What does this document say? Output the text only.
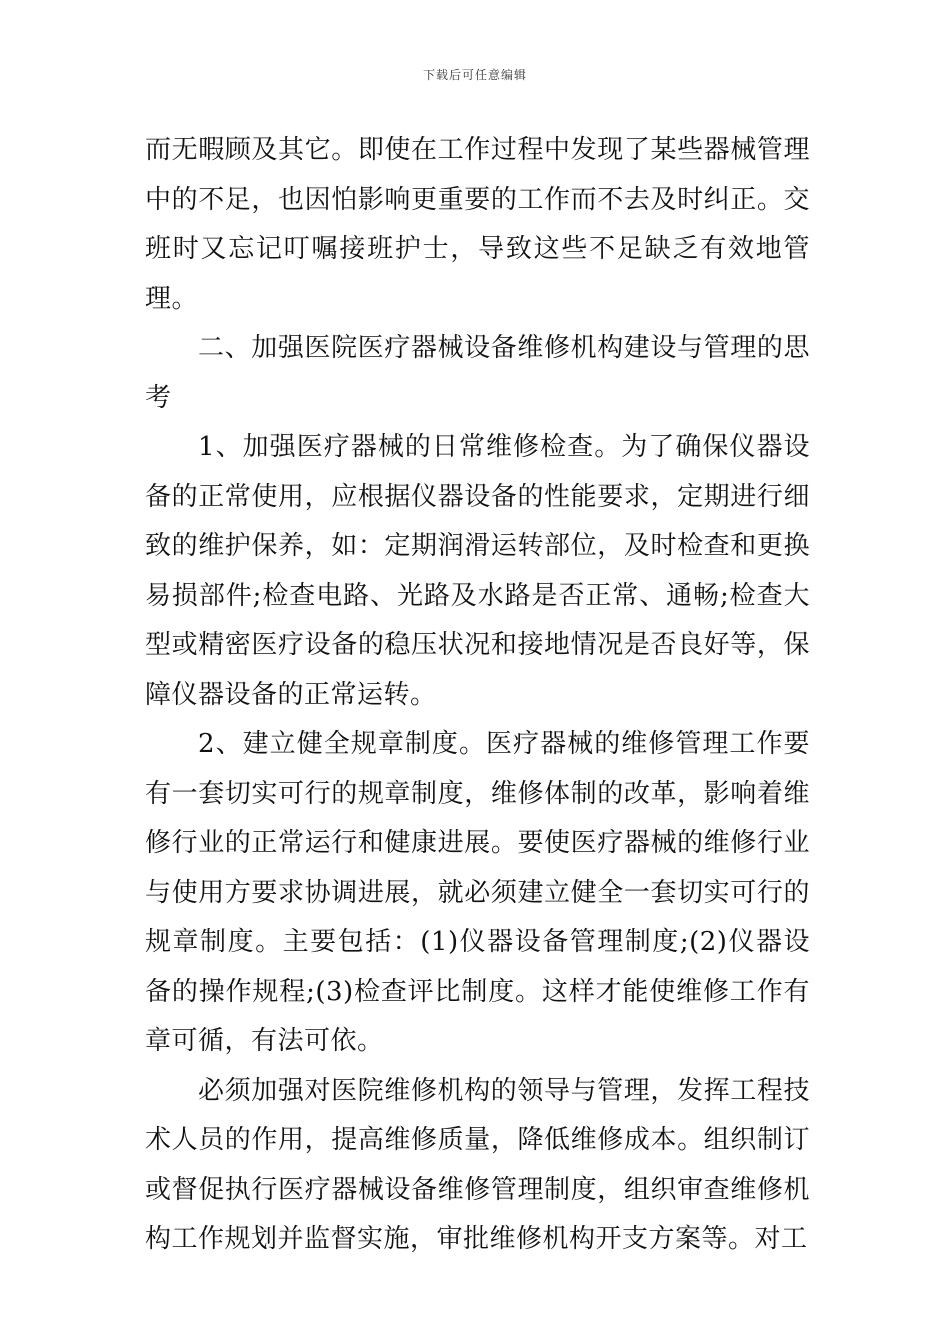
下载后可任意编辑

而无暇顾及其它。即使在工作过程中发现了某些器械管理中的不足，也因怕影响更重要的工作而不去及时纠正。交班时又忘记叮嘱接班护士，导致这些不足缺乏有效地管理。

二、加强医院医疗器械设备维修机构建设与管理的思考

1、加强医疗器械的日常维修检查。为了确保仪器设备的正常使用，应根据仪器设备的性能要求，定期进行细致的维护保养，如：定期润滑运转部位，及时检查和更换易损部件;检查电路、光路及水路是否正常、通畅;检查大型或精密医疗设备的稳压状况和接地情况是否良好等，保障仪器设备的正常运转。

2、建立健全规章制度。医疗器械的维修管理工作要有一套切实可行的规章制度，维修体制的改革，影响着维修行业的正常运行和健康进展。要使医疗器械的维修行业与使用方要求协调进展，就必须建立健全一套切实可行的规章制度。主要包括：(1)仪器设备管理制度;(2)仪器设备的操作规程;(3)检查评比制度。这样才能使维修工作有章可循，有法可依。

必须加强对医院维修机构的领导与管理，发挥工程技术人员的作用，提高维修质量，降低维修成本。组织制订或督促执行医疗器械设备维修管理制度，组织审查维修机构工作规划并监督实施，审批维修机构开支方案等。对工
